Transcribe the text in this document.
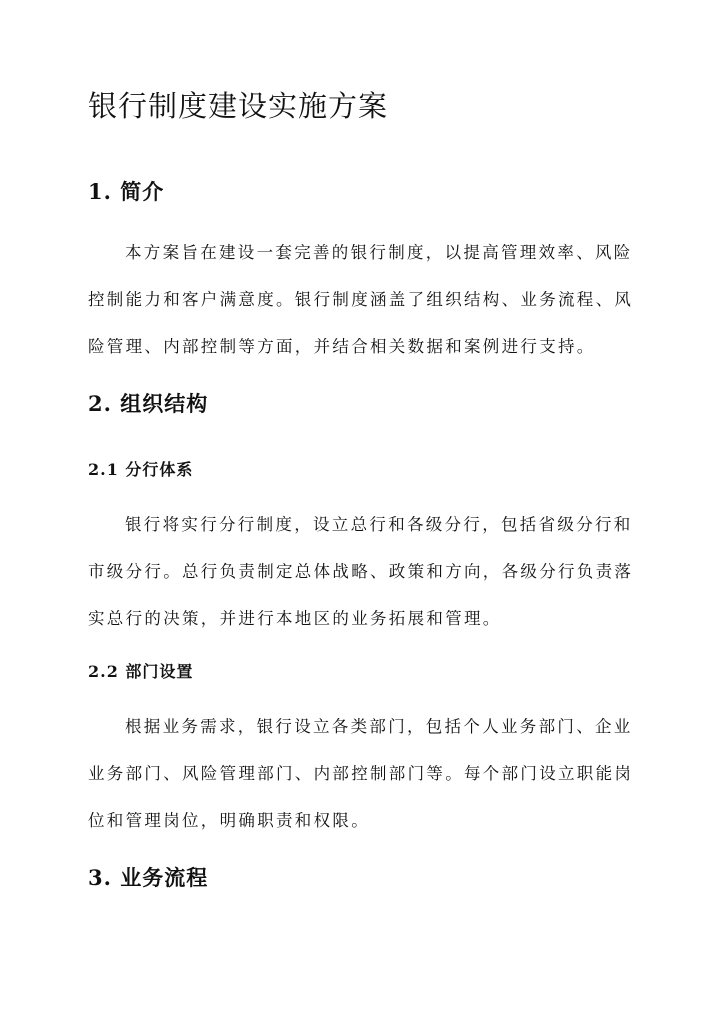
银行制度建设实施方案
1. 简介
本方案旨在建设一套完善的银行制度，以提高管理效率、风险
控制能力和客户满意度。银行制度涵盖了组织结构、业务流程、风
险管理、内部控制等方面，并结合相关数据和案例进行支持。
2. 组织结构
2.1 分行体系
银行将实行分行制度，设立总行和各级分行，包括省级分行和
市级分行。总行负责制定总体战略、政策和方向，各级分行负责落
实总行的决策，并进行本地区的业务拓展和管理。
2.2 部门设置
根据业务需求，银行设立各类部门，包括个人业务部门、企业
业务部门、风险管理部门、内部控制部门等。每个部门设立职能岗
位和管理岗位，明确职责和权限。
3. 业务流程
